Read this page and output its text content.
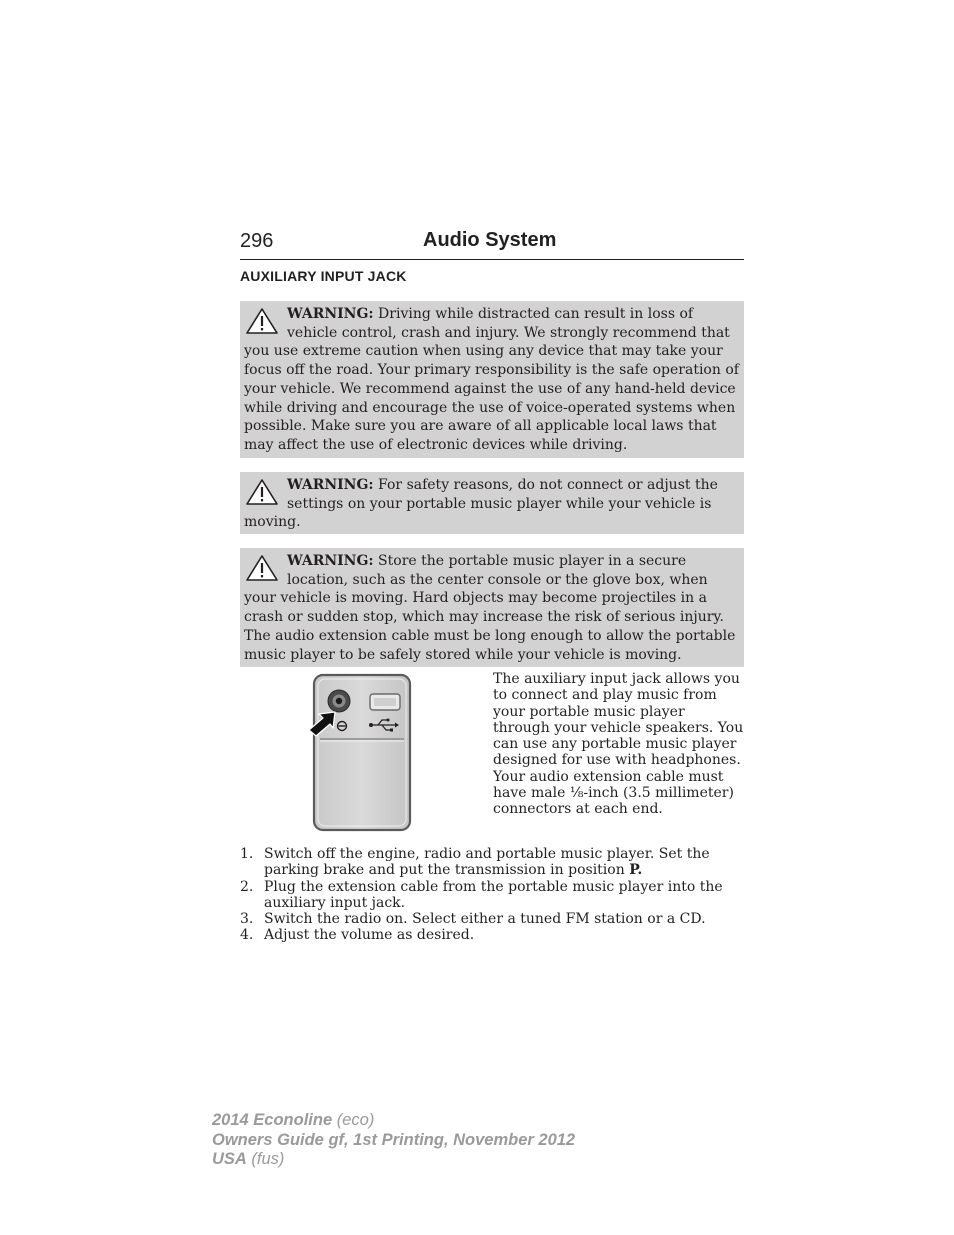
296	Audio System
AUXILIARY INPUT JACK
WARNING: Driving while distracted can result in loss of vehicle control, crash and injury. We strongly recommend that you use extreme caution when using any device that may take your focus off the road. Your primary responsibility is the safe operation of your vehicle. We recommend against the use of any hand-held device while driving and encourage the use of voice-operated systems when possible. Make sure you are aware of all applicable local laws that may affect the use of electronic devices while driving.
WARNING: For safety reasons, do not connect or adjust the settings on your portable music player while your vehicle is moving.
WARNING: Store the portable music player in a secure location, such as the center console or the glove box, when your vehicle is moving. Hard objects may become projectiles in a crash or sudden stop, which may increase the risk of serious injury. The audio extension cable must be long enough to allow the portable music player to be safely stored while your vehicle is moving.
The auxiliary input jack allows you to connect and play music from your portable music player through your vehicle speakers. You can use any portable music player designed for use with headphones. Your audio extension cable must have male ⅛-inch (3.5 millimeter) connectors at each end.
1. Switch off the engine, radio and portable music player. Set the parking brake and put the transmission in position P.
2. Plug the extension cable from the portable music player into the auxiliary input jack.
3. Switch the radio on. Select either a tuned FM station or a CD.
4. Adjust the volume as desired.
2014 Econoline (eco)
Owners Guide gf, 1st Printing, November 2012
USA (fus)
